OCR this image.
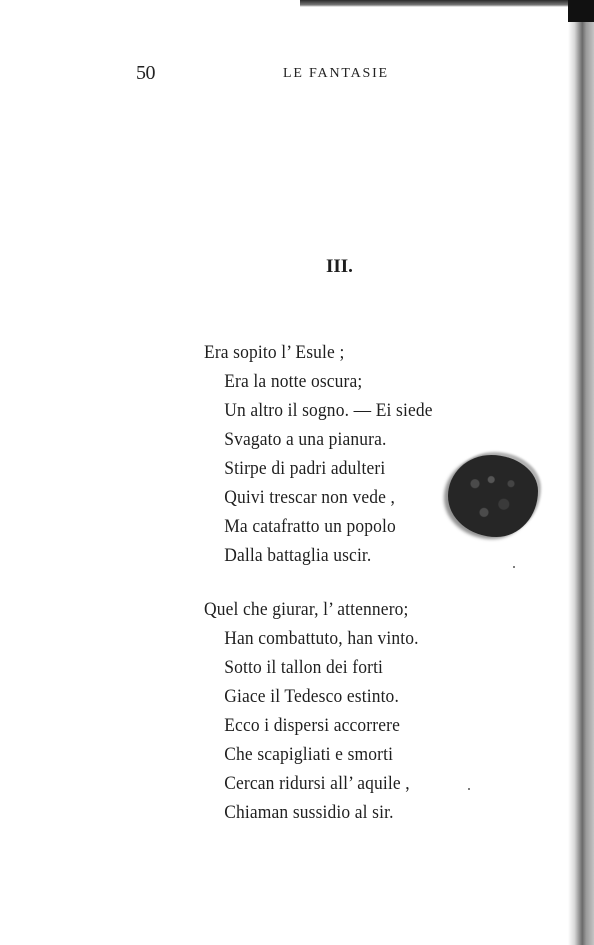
50	LE FANTASIE
III.
Era sopito l’ Esule ;
Era la notte oscura;
Un altro il sogno. — Ei siede
Svagato a una pianura.
Stirpe di padri adulteri
Quivi trescar non vede ,
Ma catafratto un popolo
Dalla battaglia uscir.
Quel che giurar, l’ attennero;
Han combattuto, han vinto.
Sotto il tallon dei forti
Giace il Tedesco estinto.
Ecco i dispersi accorrere
Che scapigliati e smorti
Cercan ridursi all’ aquile ,
Chiaman sussidio al sir.
